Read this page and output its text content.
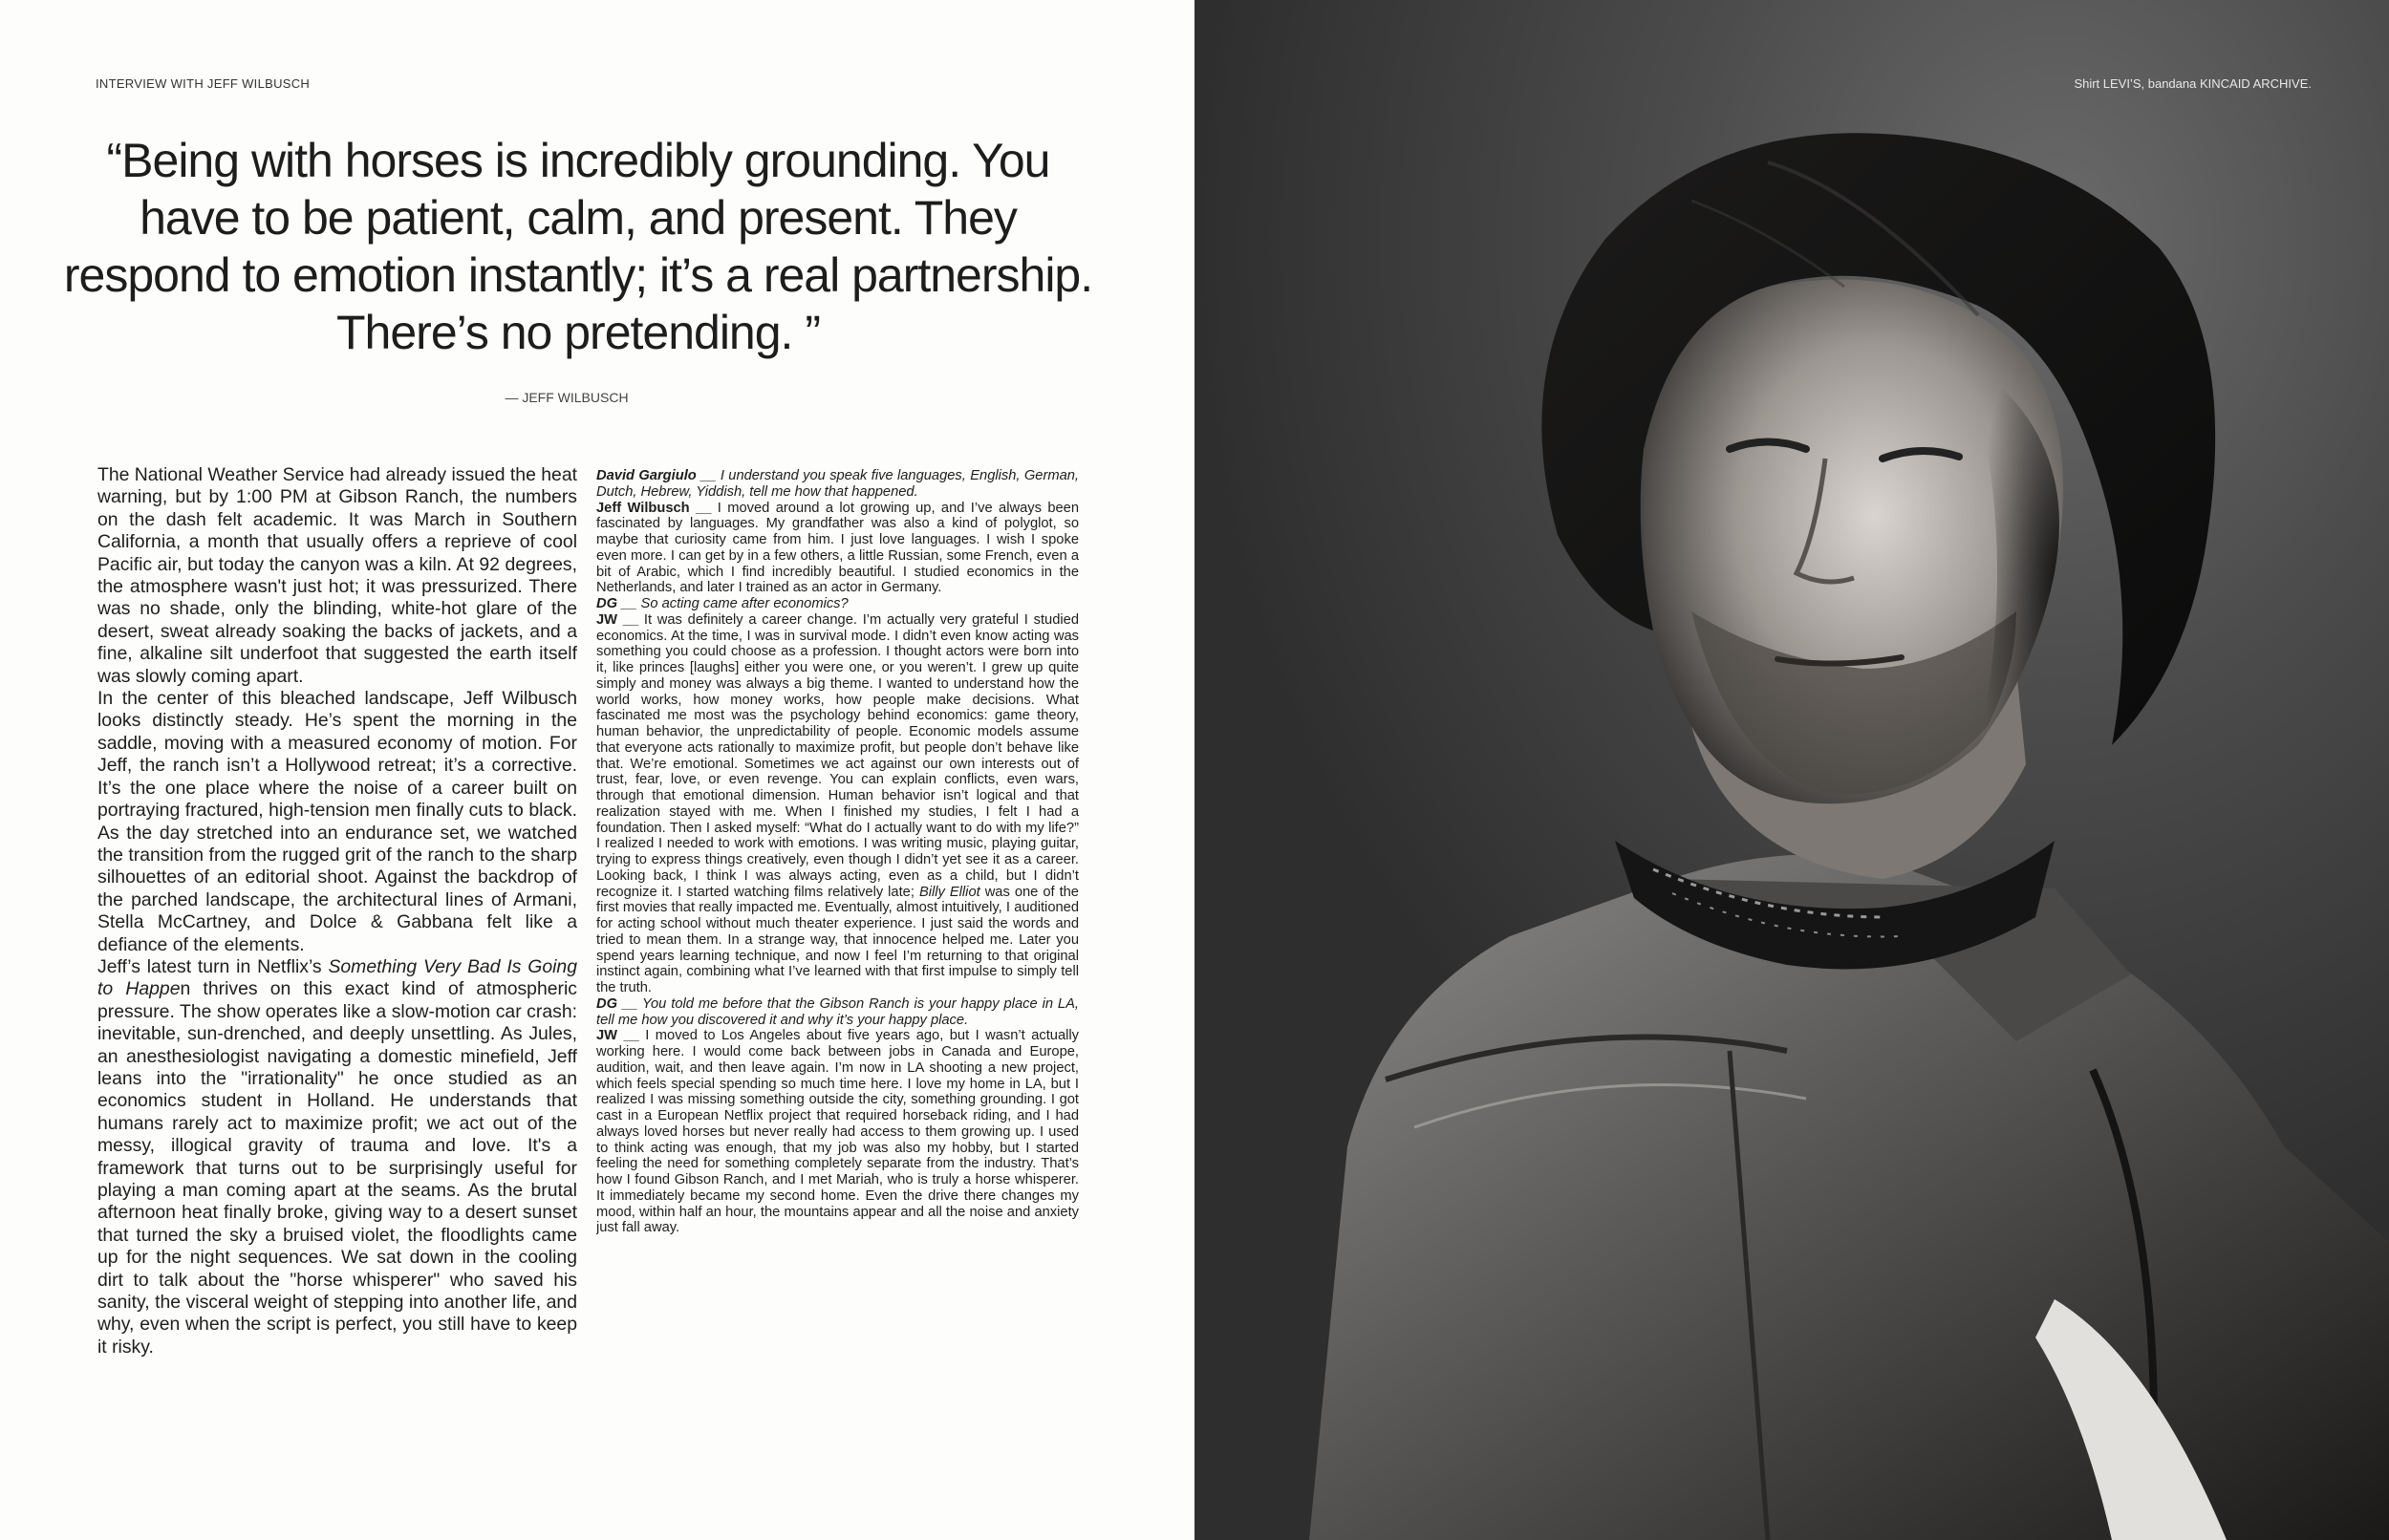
INTERVIEW WITH JEFF WILBUSCH
“Being with horses is incredibly grounding. You have to be patient, calm, and present. They respond to emotion instantly; it’s a real partnership. There’s no pretending. ”
— JEFF WILBUSCH

The National Weather Service had already issued the heat warning, but by 1:00 PM at Gibson Ranch, the numbers on the dash felt academic. It was March in Southern California, a month that usually offers a reprieve of cool Pacific air, but today the canyon was a kiln. At 92 degrees, the atmosphere wasn't just hot; it was pressurized. There was no shade, only the blinding, white-hot glare of the desert, sweat already soaking the backs of jackets, and a fine, alkaline silt underfoot that suggested the earth itself was slowly coming apart.

In the center of this bleached landscape, Jeff Wilbusch looks distinctly steady. He’s spent the morning in the saddle, moving with a measured economy of motion. For Jeff, the ranch isn’t a Hollywood retreat; it’s a corrective. It’s the one place where the noise of a career built on portraying fractured, high-tension men finally cuts to black. As the day stretched into an endurance set, we watched the transition from the rugged grit of the ranch to the sharp silhouettes of an editorial shoot. Against the backdrop of the parched landscape, the architectural lines of Armani, Stella McCartney, and Dolce & Gabbana felt like a defiance of the elements.

Jeff’s latest turn in Netflix’s Something Very Bad Is Going to Happen thrives on this exact kind of atmospheric pressure. The show operates like a slow-motion car crash: inevitable, sun-drenched, and deeply unsettling. As Jules, an anesthesiologist navigating a domestic minefield, Jeff leans into the "irrationality" he once studied as an economics student in Holland. He understands that humans rarely act to maximize profit; we act out of the messy, illogical gravity of trauma and love. It's a framework that turns out to be surprisingly useful for playing a man coming apart at the seams. As the brutal afternoon heat finally broke, giving way to a desert sunset that turned the sky a bruised violet, the floodlights came up for the night sequences. We sat down in the cooling dirt to talk about the "horse whisperer" who saved his sanity, the visceral weight of stepping into another life, and why, even when the script is perfect, you still have to keep it risky.

David Gargiulo __ I understand you speak five languages, English, German, Dutch, Hebrew, Yiddish, tell me how that happened.

Jeff Wilbusch __ I moved around a lot growing up, and I’ve always been fascinated by languages. My grandfather was also a kind of polyglot, so maybe that curiosity came from him. I just love languages. I wish I spoke even more. I can get by in a few others, a little Russian, some French, even a bit of Arabic, which I find incredibly beautiful. I studied economics in the Netherlands, and later I trained as an actor in Germany.

DG __ So acting came after economics?

JW __ It was definitely a career change. I’m actually very grateful I studied economics. At the time, I was in survival mode. I didn’t even know acting was something you could choose as a profession. I thought actors were born into it, like princes [laughs] either you were one, or you weren’t. I grew up quite simply and money was always a big theme. I wanted to understand how the world works, how money works, how people make decisions. What fascinated me most was the psychology behind economics: game theory, human behavior, the unpredictability of people. Economic models assume that everyone acts rationally to maximize profit, but people don’t behave like that. We’re emotional. Sometimes we act against our own interests out of trust, fear, love, or even revenge. You can explain conflicts, even wars, through that emotional dimension. Human behavior isn’t logical and that realization stayed with me. When I finished my studies, I felt I had a foundation. Then I asked myself: “What do I actually want to do with my life?” I realized I needed to work with emotions. I was writing music, playing guitar, trying to express things creatively, even though I didn’t yet see it as a career. Looking back, I think I was always acting, even as a child, but I didn’t recognize it. I started watching films relatively late; Billy Elliot was one of the first movies that really impacted me. Eventually, almost intuitively, I auditioned for acting school without much theater experience. I just said the words and tried to mean them. In a strange way, that innocence helped me. Later you spend years learning technique, and now I feel I’m returning to that original instinct again, combining what I’ve learned with that first impulse to simply tell the truth.

DG __ You told me before that the Gibson Ranch is your happy place in LA, tell me how you discovered it and why it’s your happy place.

JW __ I moved to Los Angeles about five years ago, but I wasn’t actually working here. I would come back between jobs in Canada and Europe, audition, wait, and then leave again. I’m now in LA shooting a new project, which feels special spending so much time here. I love my home in LA, but I realized I was missing something outside the city, something grounding. I got cast in a European Netflix project that required horseback riding, and I had always loved horses but never really had access to them growing up. I used to think acting was enough, that my job was also my hobby, but I started feeling the need for something completely separate from the industry. That’s how I found Gibson Ranch, and I met Mariah, who is truly a horse whisperer. It immediately became my second home. Even the drive there changes my mood, within half an hour, the mountains appear and all the noise and anxiety just fall away.

Shirt LEVI’S, bandana KINCAID ARCHIVE.
